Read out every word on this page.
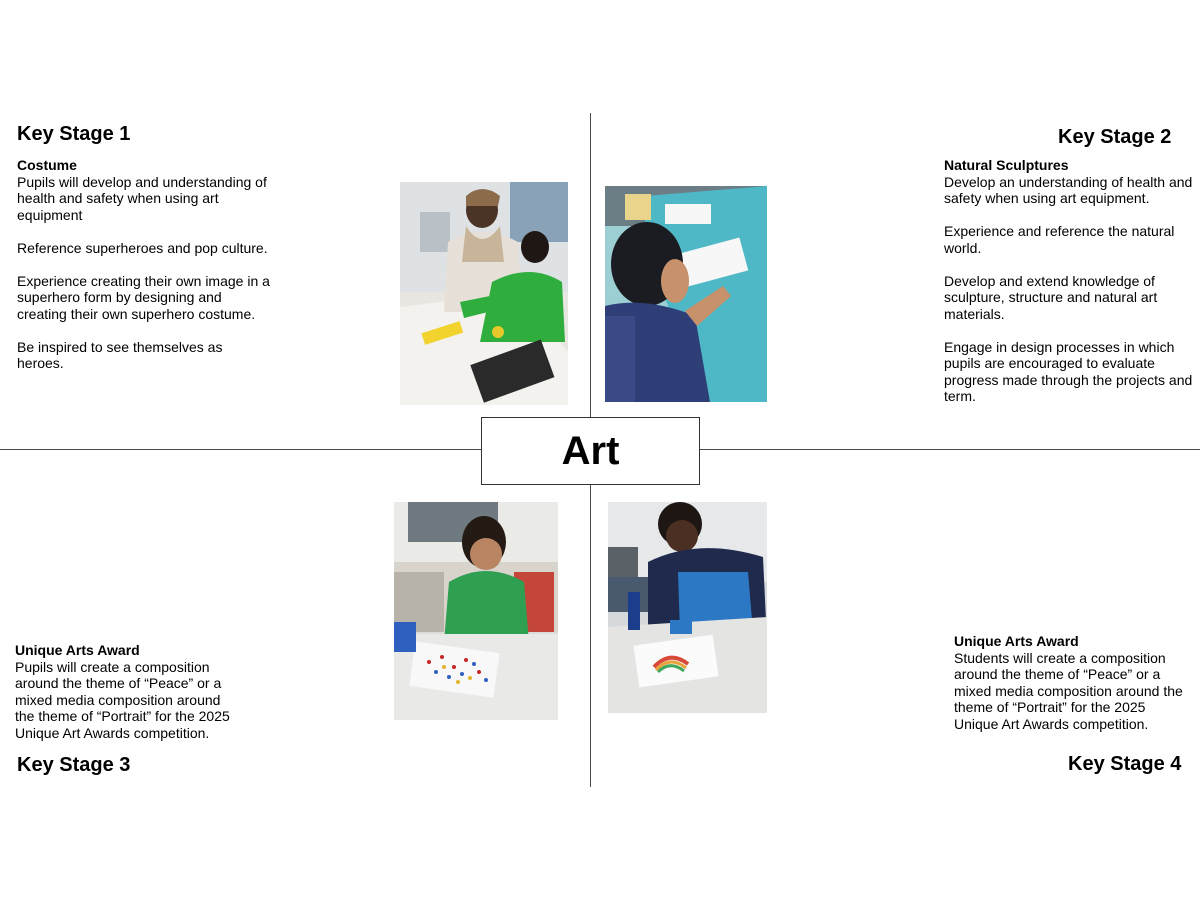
Art
Key Stage 1
Costume

Pupils will develop and understanding of health and safety when using art equipment

Reference superheroes and pop culture.

Experience creating their own image in a superhero form by designing and creating their own superhero costume.

Be inspired to see themselves as heroes.

Key Stage 2
Natural Sculptures

Develop an understanding of health and safety when using art equipment.

Experience and reference the natural world.

Develop and extend knowledge of sculpture, structure and natural art materials.

Engage in design processes in which pupils are encouraged to evaluate progress made through the projects and term.

Unique Arts Award

Pupils will create a composition around the theme of “Peace” or a mixed media composition around the theme of “Portrait” for the 2025 Unique Art Awards competition.

Key Stage 3
Unique Arts Award

Students will create a composition around the theme of “Peace” or a mixed media composition around the theme of “Portrait” for the 2025 Unique Art Awards competition.

Key Stage 4
